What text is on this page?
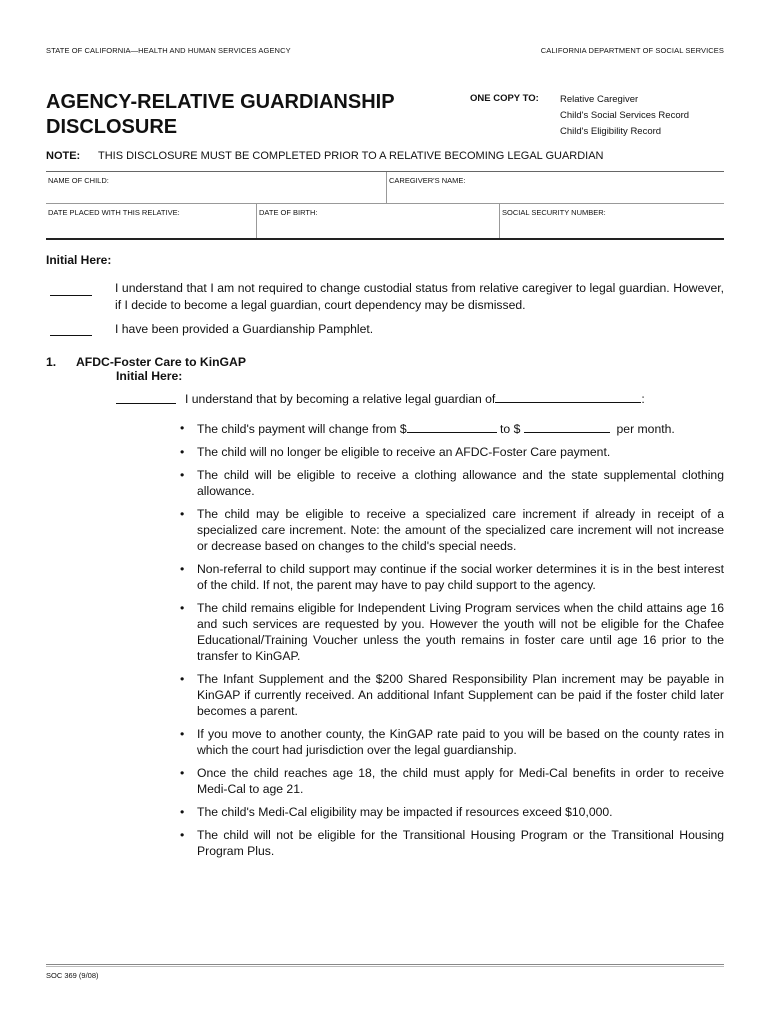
STATE OF CALIFORNIA—HEALTH AND HUMAN SERVICES AGENCY	CALIFORNIA DEPARTMENT OF SOCIAL SERVICES
AGENCY-RELATIVE GUARDIANSHIP
DISCLOSURE
ONE COPY TO: Relative Caregiver
Child's Social Services Record
Child's Eligibility Record
NOTE: THIS DISCLOSURE MUST BE COMPLETED PRIOR TO A RELATIVE BECOMING LEGAL GUARDIAN
NAME OF CHILD:	CAREGIVER'S NAME:
DATE PLACED WITH THIS RELATIVE:	DATE OF BIRTH:	SOCIAL SECURITY NUMBER:
Initial Here:
I understand that I am not required to change custodial status from relative caregiver to legal guardian. However, if I decide to become a legal guardian, court dependency may be dismissed.
I have been provided a Guardianship Pamphlet.
1. AFDC-Foster Care to KinGAP
Initial Here:
I understand that by becoming a relative legal guardian of	:
• The child's payment will change from $	to $	per month.
• The child will no longer be eligible to receive an AFDC-Foster Care payment.
• The child will be eligible to receive a clothing allowance and the state supplemental clothing allowance.
• The child may be eligible to receive a specialized care increment if already in receipt of a specialized care increment. Note: the amount of the specialized care increment will not increase or decrease based on changes to the child's special needs.
• Non-referral to child support may continue if the social worker determines it is in the best interest of the child. If not, the parent may have to pay child support to the agency.
• The child remains eligible for Independent Living Program services when the child attains age 16 and such services are requested by you. However the youth will not be eligible for the Chafee Educational/Training Voucher unless the youth remains in foster care until age 16 prior to the transfer to KinGAP.
• The Infant Supplement and the $200 Shared Responsibility Plan increment may be payable in KinGAP if currently received. An additional Infant Supplement can be paid if the foster child later becomes a parent.
• If you move to another county, the KinGAP rate paid to you will be based on the county rates in which the court had jurisdiction over the legal guardianship.
• Once the child reaches age 18, the child must apply for Medi-Cal benefits in order to receive Medi-Cal to age 21.
• The child's Medi-Cal eligibility may be impacted if resources exceed $10,000.
• The child will not be eligible for the Transitional Housing Program or the Transitional Housing Program Plus.
SOC 369 (9/08)
